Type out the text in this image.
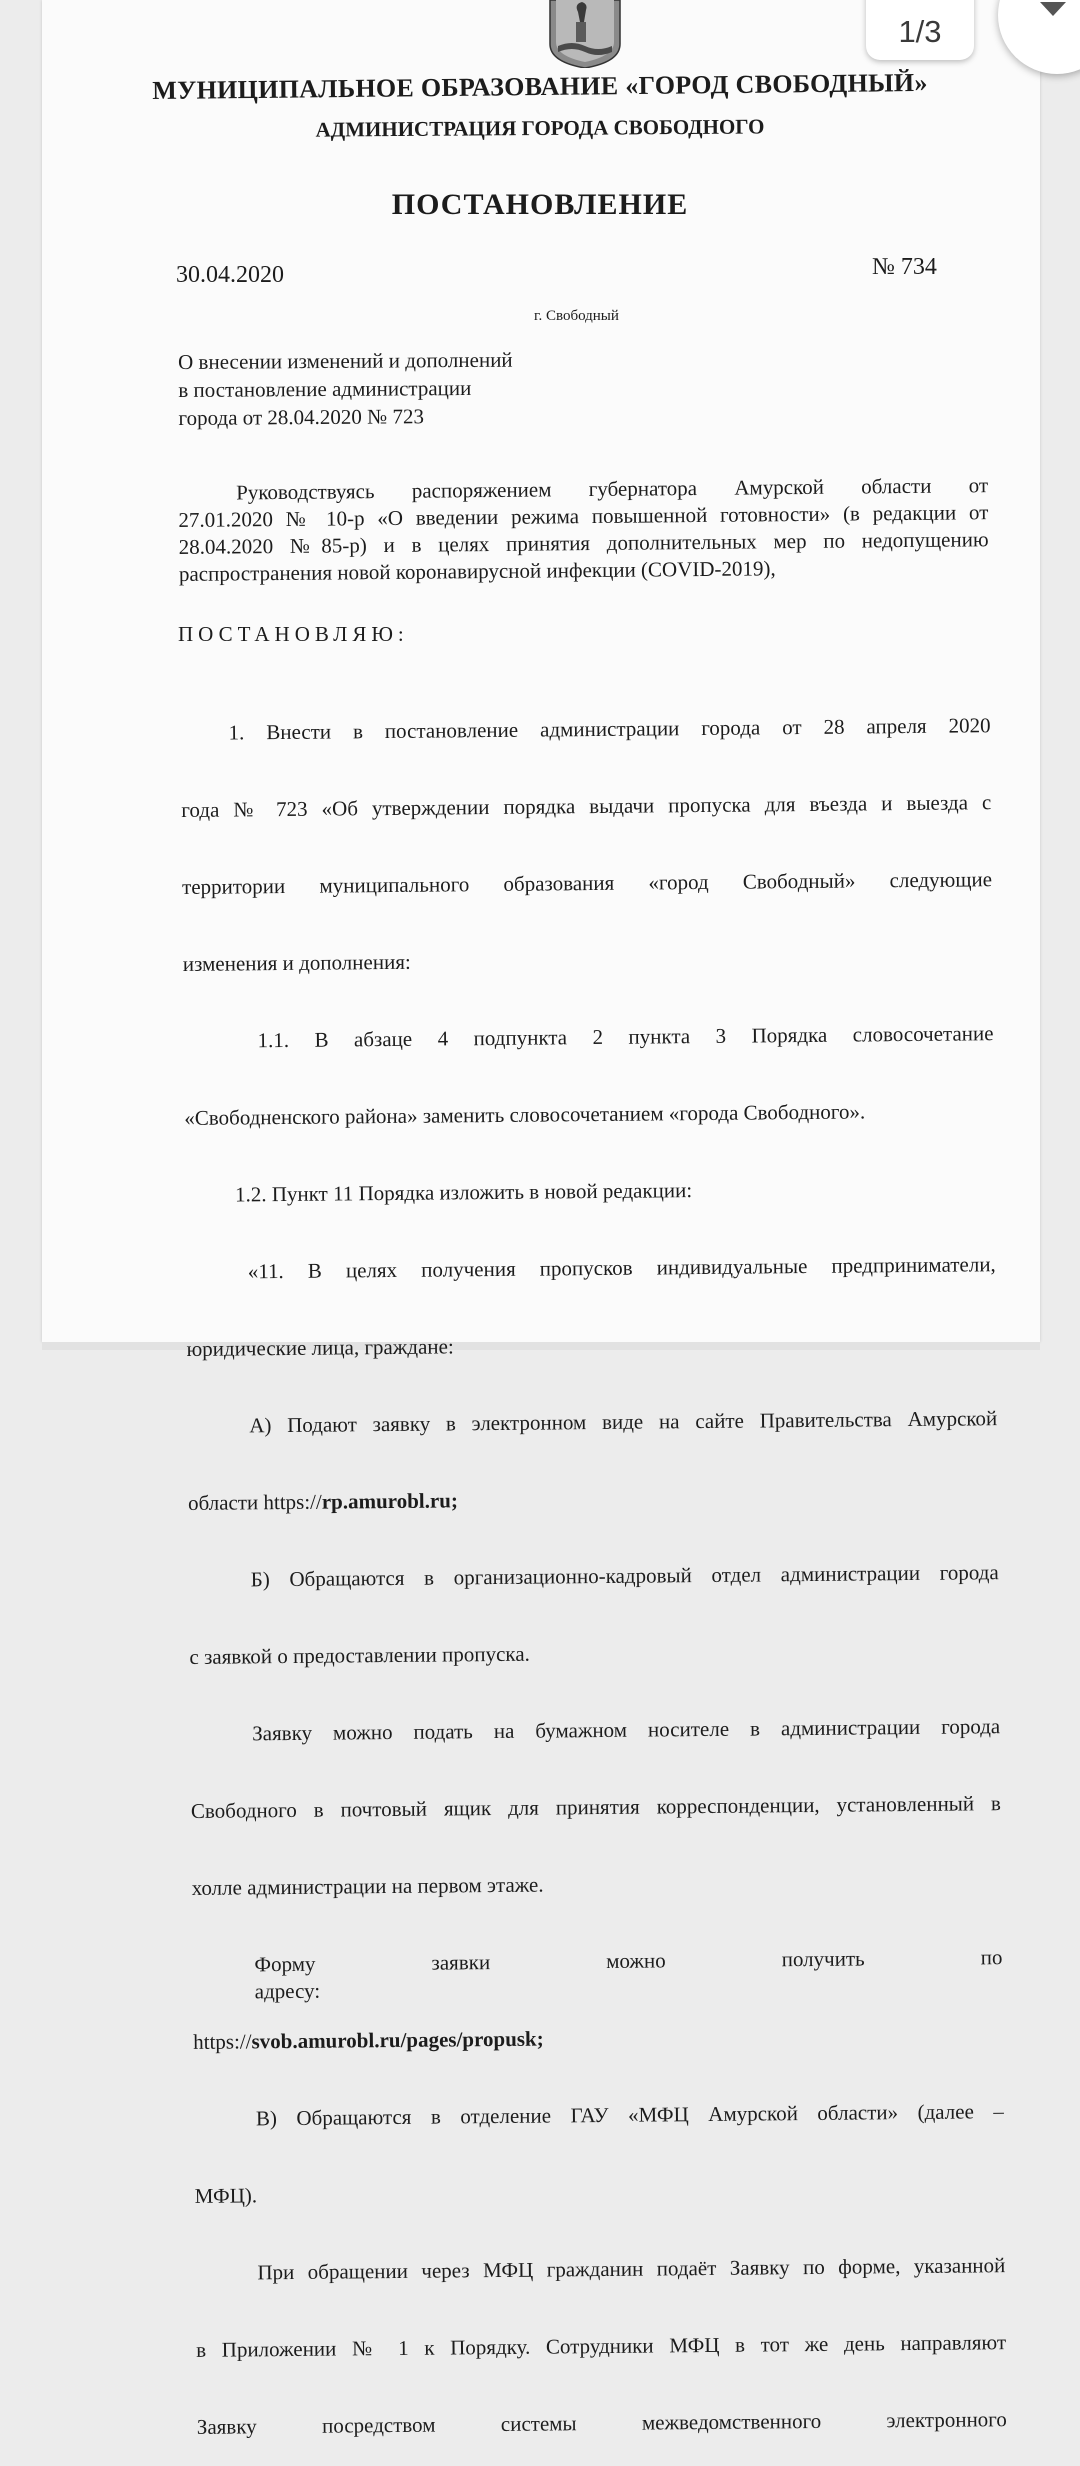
1/3
МУНИЦИПАЛЬНОЕ ОБРАЗОВАНИЕ «ГОРОД СВОБОДНЫЙ»
АДМИНИСТРАЦИЯ ГОРОДА СВОБОДНОГО
ПОСТАНОВЛЕНИЕ
30.04.2020	№ 734
г. Свободный
О внесении изменений и дополнений
в постановление администрации
города от 28.04.2020 № 723
Руководствуясь распоряжением губернатора Амурской области от
27.01.2020 № 10-р «О введении режима повышенной готовности» (в редакции от
28.04.2020 №85-р) и в целях принятия дополнительных мер по недопущению
распространения новой коронавирусной инфекции (COVID-2019),
ПОСТАНОВЛЯЮ:

1. Внести в постановление администрации города от 28 апреля 2020

года № 723 «Об утверждении порядка выдачи пропуска для въезда и выезда с

территории муниципального образования «город Свободный» следующие

изменения и дополнения:

1.1. В абзаце 4 подпункта 2 пункта 3 Порядка словосочетание

«Свободненского района» заменить словосочетанием «города Свободного».

1.2. Пункт 11 Порядка изложить в новой редакции:

«11. В целях получения пропусков индивидуальные предприниматели,

юридические лица, граждане:

А) Подают заявку в электронном виде на сайте Правительства Амурской

области https://rp.amurobl.ru;

Б) Обращаются в организационно-кадровый отдел администрации города

с заявкой о предоставлении пропуска.

Заявку можно подать на бумажном носителе в администрации города

Свободного в почтовый ящик для принятия корреспонденции, установленный в

холле администрации на первом этаже.

Форму заявки можно получить по адресу:

https://svob.amurobl.ru/pages/propusk;

В) Обращаются в отделение ГАУ «МФЦ Амурской области» (далее –

МФЦ).

При обращении через МФЦ гражданин подаёт Заявку по форме, указанной

в Приложении № 1 к Порядку. Сотрудники МФЦ в тот же день направляют

Заявку посредством системы межведомственного электронного
